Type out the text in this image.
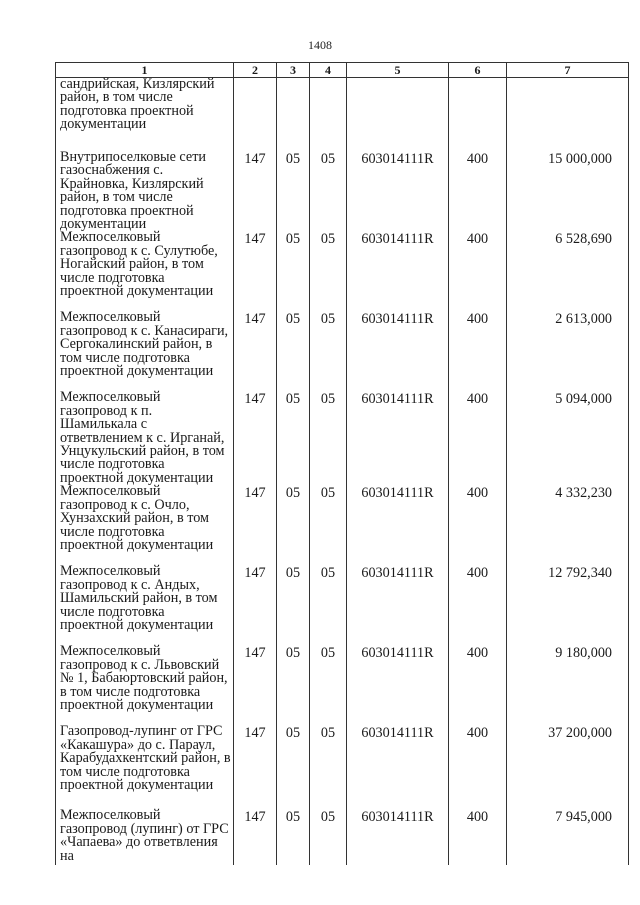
1408
1	2	3	4	5	6	7

сандрийская, Кизлярский район, в том числе подготовка проектной документации						

Внутрипоселковые сети газоснабжения с. Крайновка, Кизлярский район, в том числе подготовка проектной документации	147	05	05	603014111R	400	15 000,000

Межпоселковый газопровод к с. Сулутюбе, Ногайский район, в том числе подготовка проектной документации	147	05	05	603014111R	400	6 528,690

Межпоселковый газопровод к с. Канасираги, Сергокалинский район, в том числе подготовка проектной документации	147	05	05	603014111R	400	2 613,000

Межпоселковый газопровод к п. Шамилькала с ответвлением к с. Ирганай, Унцукульский район, в том числе подготовка проектной документации	147	05	05	603014111R	400	5 094,000

Межпоселковый газопровод к с. Очло, Хунзахский район, в том числе подготовка проектной документации	147	05	05	603014111R	400	4 332,230

Межпоселковый газопровод к с. Андых, Шамильский район, в том числе подготовка проектной документации	147	05	05	603014111R	400	12 792,340

Межпоселковый газопровод к с. Львовский № 1, Бабаюртовский район, в том числе подготовка проектной документации	147	05	05	603014111R	400	9 180,000

Газопровод-лупинг от ГРС «Какашура» до с. Параул, Карабудахкентский район, в том числе подготовка проектной документации	147	05	05	603014111R	400	37 200,000

Межпоселковый газопровод (лупинг) от ГРС «Чапаева» до ответвления на	147	05	05	603014111R	400	7 945,000
